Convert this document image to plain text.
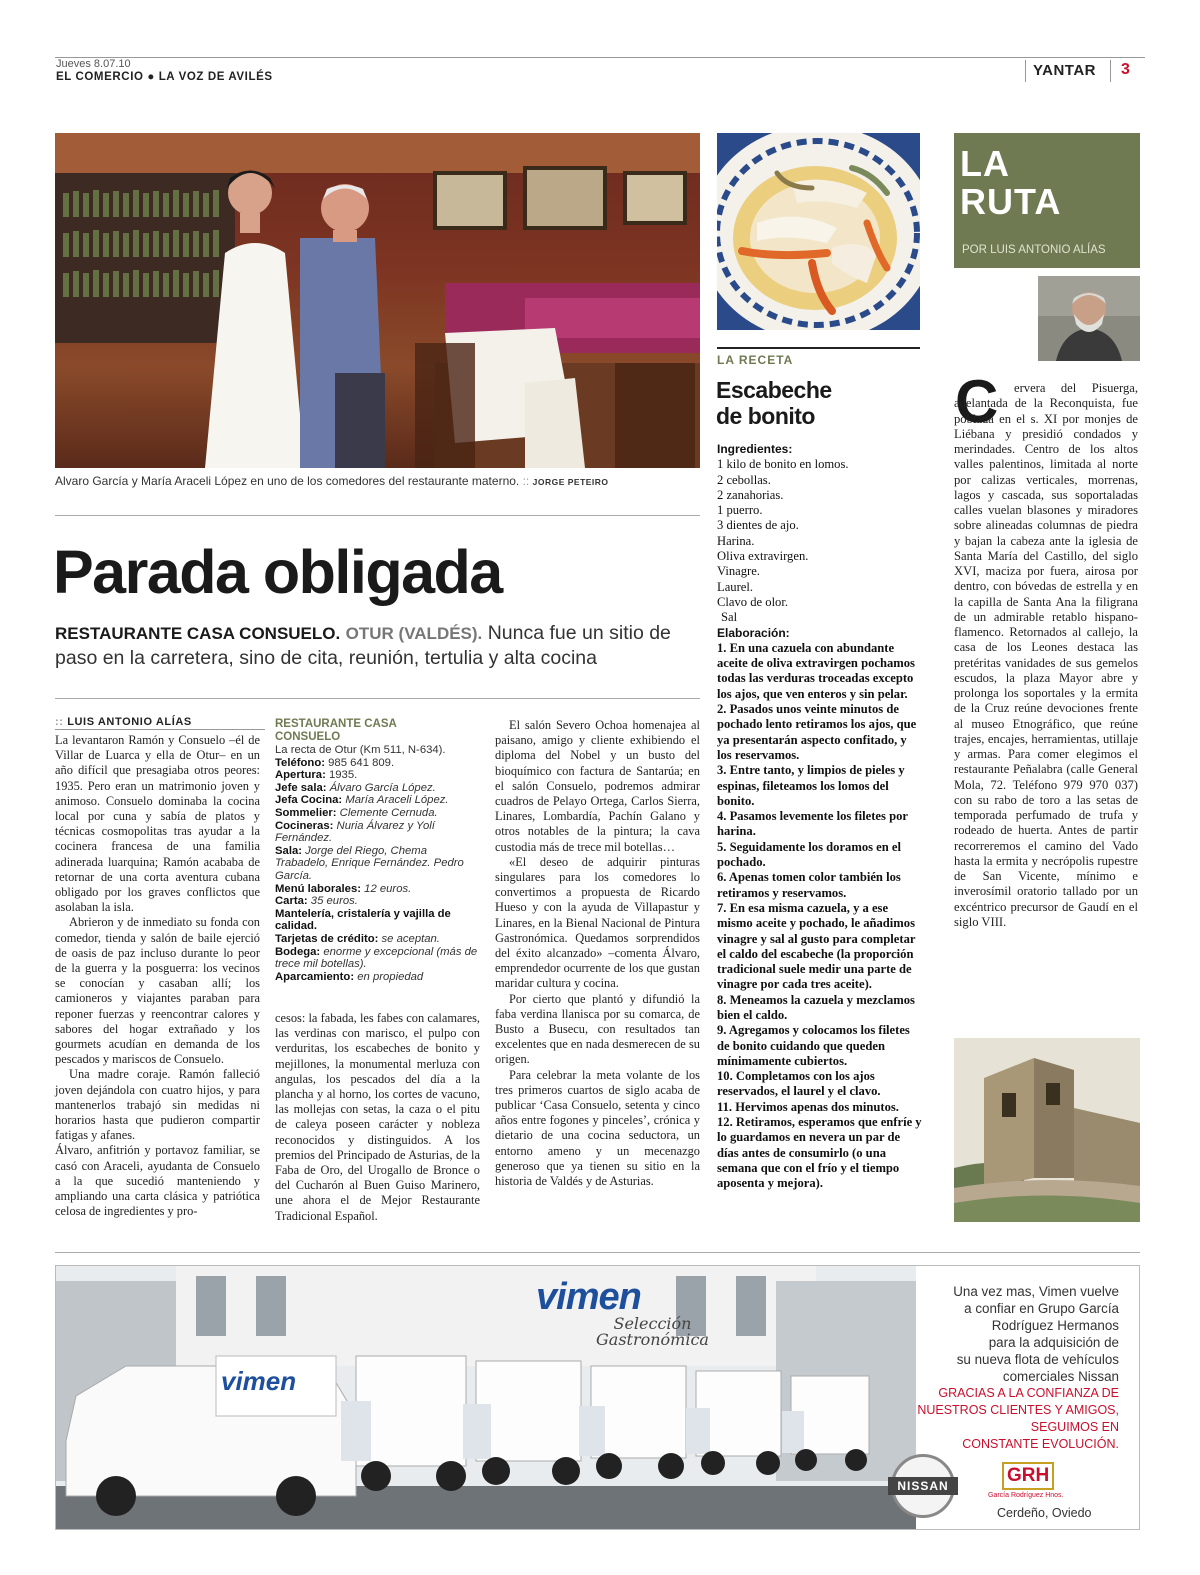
Jueves 8.07.10
EL COMERCIO ● LA VOZ DE AVILÉS	YANTAR 3
Alvaro García y María Araceli López en uno de los comedores del restaurante materno. :: JORGE PETEIRO
Parada obligada
RESTAURANTE CASA CONSUELO. OTUR (VALDÉS). Nunca fue un sitio de paso en la carretera, sino de cita, reunión, tertulia y alta cocina
:: LUIS ANTONIO ALÍAS

La levantaron Ramón y Consuelo –él de Villar de Luarca y ella de Otur– en un año difícil que presagiaba otros peores: 1935. Pero eran un matrimonio joven y animoso. Consuelo dominaba la cocina local por cuna y sabía de platos y técnicas cosmopolitas tras ayudar a la cocinera francesa de una familia adinerada luarquina; Ramón acababa de retornar de una corta aventura cubana obligado por los graves conflictos que asolaban la isla.

Abrieron y de inmediato su fonda con comedor, tienda y salón de baile ejerció de oasis de paz incluso durante lo peor de la guerra y la posguerra: los vecinos se conocían y casaban allí; los camioneros y viajantes paraban para reponer fuerzas y reencontrar calores y sabores del hogar extrañado y los gourmets acudían en demanda de los pescados y mariscos de Consuelo.

Una madre coraje. Ramón falleció joven dejándola con cuatro hijos, y para mantenerlos trabajó sin medidas ni horarios hasta que pudieron compartir fatigas y afanes.

Álvaro, anfitrión y portavoz familiar, se casó con Araceli, ayudanta de Consuelo a la que sucedió manteniendo y ampliando una carta clásica y patriótica celosa de ingredientes y pro-

RESTAURANTE CASA CONSUELO
La recta de Otur (Km 511, N-634).
Teléfono: 985 641 809.
Apertura: 1935.
Jefe sala: Álvaro García López.
Jefa Cocina: María Araceli López.
Sommelier: Clemente Cernuda.
Cocineras: Nuria Álvarez y Yolí Fernández.
Sala: Jorge del Riego, Chema Trabadelo, Enrique Fernández. Pedro García.
Menú laborales: 12 euros.
Carta: 35 euros.
Mantelería, cristalería y vajilla de calidad.
Tarjetas de crédito: se aceptan.
Bodega: enorme y excepcional (más de trece mil botellas).
Aparcamiento: en propiedad

cesos: la fabada, les fabes con calamares, las verdinas con marisco, el pulpo con verduritas, los escabeches de bonito y mejillones, la monumental merluza con angulas, los pescados del día a la plancha y al horno, los cortes de vacuno, las mollejas con setas, la caza o el pitu de caleya poseen carácter y nobleza reconocidos y distinguidos. A los premios del Principado de Asturias, de la Faba de Oro, del Urogallo de Bronce o del Cucharón al Buen Guiso Marinero, une ahora el de Mejor Restaurante Tradicional Español.

El salón Severo Ochoa homenajea al paisano, amigo y cliente exhibiendo el diploma del Nobel y un busto del bioquímico con factura de Santarúa; en el salón Consuelo, podremos admirar cuadros de Pelayo Ortega, Carlos Sierra, Linares, Lombardía, Pachín Galano y otros notables de la pintura; la cava custodia más de trece mil botellas…

«El deseo de adquirir pinturas singulares para los comedores lo convertimos a propuesta de Ricardo Hueso y con la ayuda de Villapastur y Linares, en la Bienal Nacional de Pintura Gastronómica. Quedamos sorprendidos del éxito alcanzado» –comenta Álvaro, emprendedor ocurrente de los que gustan maridar cultura y cocina.

Por cierto que plantó y difundió la faba verdina llanisca por su comarca, de Busto a Busecu, con resultados tan excelentes que en nada desmerecen de su origen.

Para celebrar la meta volante de los tres primeros cuartos de siglo acaba de publicar ‘Casa Consuelo, setenta y cinco años entre fogones y pinceles’, crónica y dietario de una cocina seductora, un entorno ameno y un mecenazgo generoso que ya tienen su sitio en la historia de Valdés y de Asturias.

LA RECETA
Escabeche
de bonito
Ingredientes:
1 kilo de bonito en lomos.
2 cebollas.
2 zanahorias.
1 puerro.
3 dientes de ajo.
Harina.
Oliva extravirgen.
Vinagre.
Laurel.
Clavo de olor.
Sal
Elaboración:
1. En una cazuela con abundante aceite de oliva extravirgen pochamos todas las verduras troceadas excepto los ajos, que ven enteros y sin pelar.
2. Pasados unos veinte minutos de pochado lento retiramos los ajos, que ya presentarán aspecto confitado, y los reservamos.
3. Entre tanto, y limpios de pieles y espinas, fileteamos los lomos del bonito.
4. Pasamos levemente los filetes por harina.
5. Seguidamente los doramos en el pochado.
6. Apenas tomen color también los retiramos y reservamos.
7. En esa misma cazuela, y a ese mismo aceite y pochado, le añadimos vinagre y sal al gusto para completar el caldo del escabeche (la proporción tradicional suele medir una parte de vinagre por cada tres aceite).
8. Meneamos la cazuela y mezclamos bien el caldo.
9. Agregamos y colocamos los filetes de bonito cuidando que queden mínimamente cubiertos.
10. Completamos con los ajos reservados, el laurel y el clavo.
11. Hervimos apenas dos minutos.
12. Retiramos, esperamos que enfríe y lo guardamos en nevera un par de días antes de consumirlo (o una semana que con el frío y el tiempo aposenta y mejora).
LA
RUTA
POR LUIS ANTONIO ALÍAS
C	ervera del Pisuerga, adelantada de la Reconquista, fue poblada en el s. XI por monjes de Liébana y presidió condados y merindades. Centro de los altos valles palentinos, limitada al norte por calizas verticales, morrenas, lagos y cascada, sus soportaladas calles vuelan blasones y miradores sobre alineadas columnas de piedra y bajan la cabeza ante la iglesia de Santa María del Castillo, del siglo XVI, maciza por fuera, airosa por dentro, con bóvedas de estrella y en la capilla de Santa Ana la filigrana de un admirable retablo hispano-flamenco. Retornados al callejo, la casa de los Leones destaca las pretéritas vanidades de sus gemelos escudos, la plaza Mayor abre y prolonga los soportales y la ermita de la Cruz reúne devociones frente al museo Etnográfico, que reúne trajes, encajes, herramientas, utillaje y armas. Para comer elegimos el restaurante Peñalabra (calle General Mola, 72. Teléfono 979 970 037) con su rabo de toro a las setas de temporada perfumado de trufa y rodeado de huerta. Antes de partir recorreremos el camino del Vado hasta la ermita y necrópolis rupestre de San Vicente, mínimo e inverosímil oratorio tallado por un excéntrico precursor de Gaudí en el siglo VIII.
vimen
Selección
Gastronómica
vimen
Una vez mas, Vimen vuelve
a confiar en Grupo García
Rodríguez Hermanos
para la adquisición de
su nueva flota de vehículos
comerciales Nissan
GRACIAS A LA CONFIANZA DE
NUESTROS CLIENTES Y AMIGOS,
SEGUIMOS EN
CONSTANTE EVOLUCIÓN.
NISSAN	GRH
García Rodríguez Hnos.
Cerdeño, Oviedo
